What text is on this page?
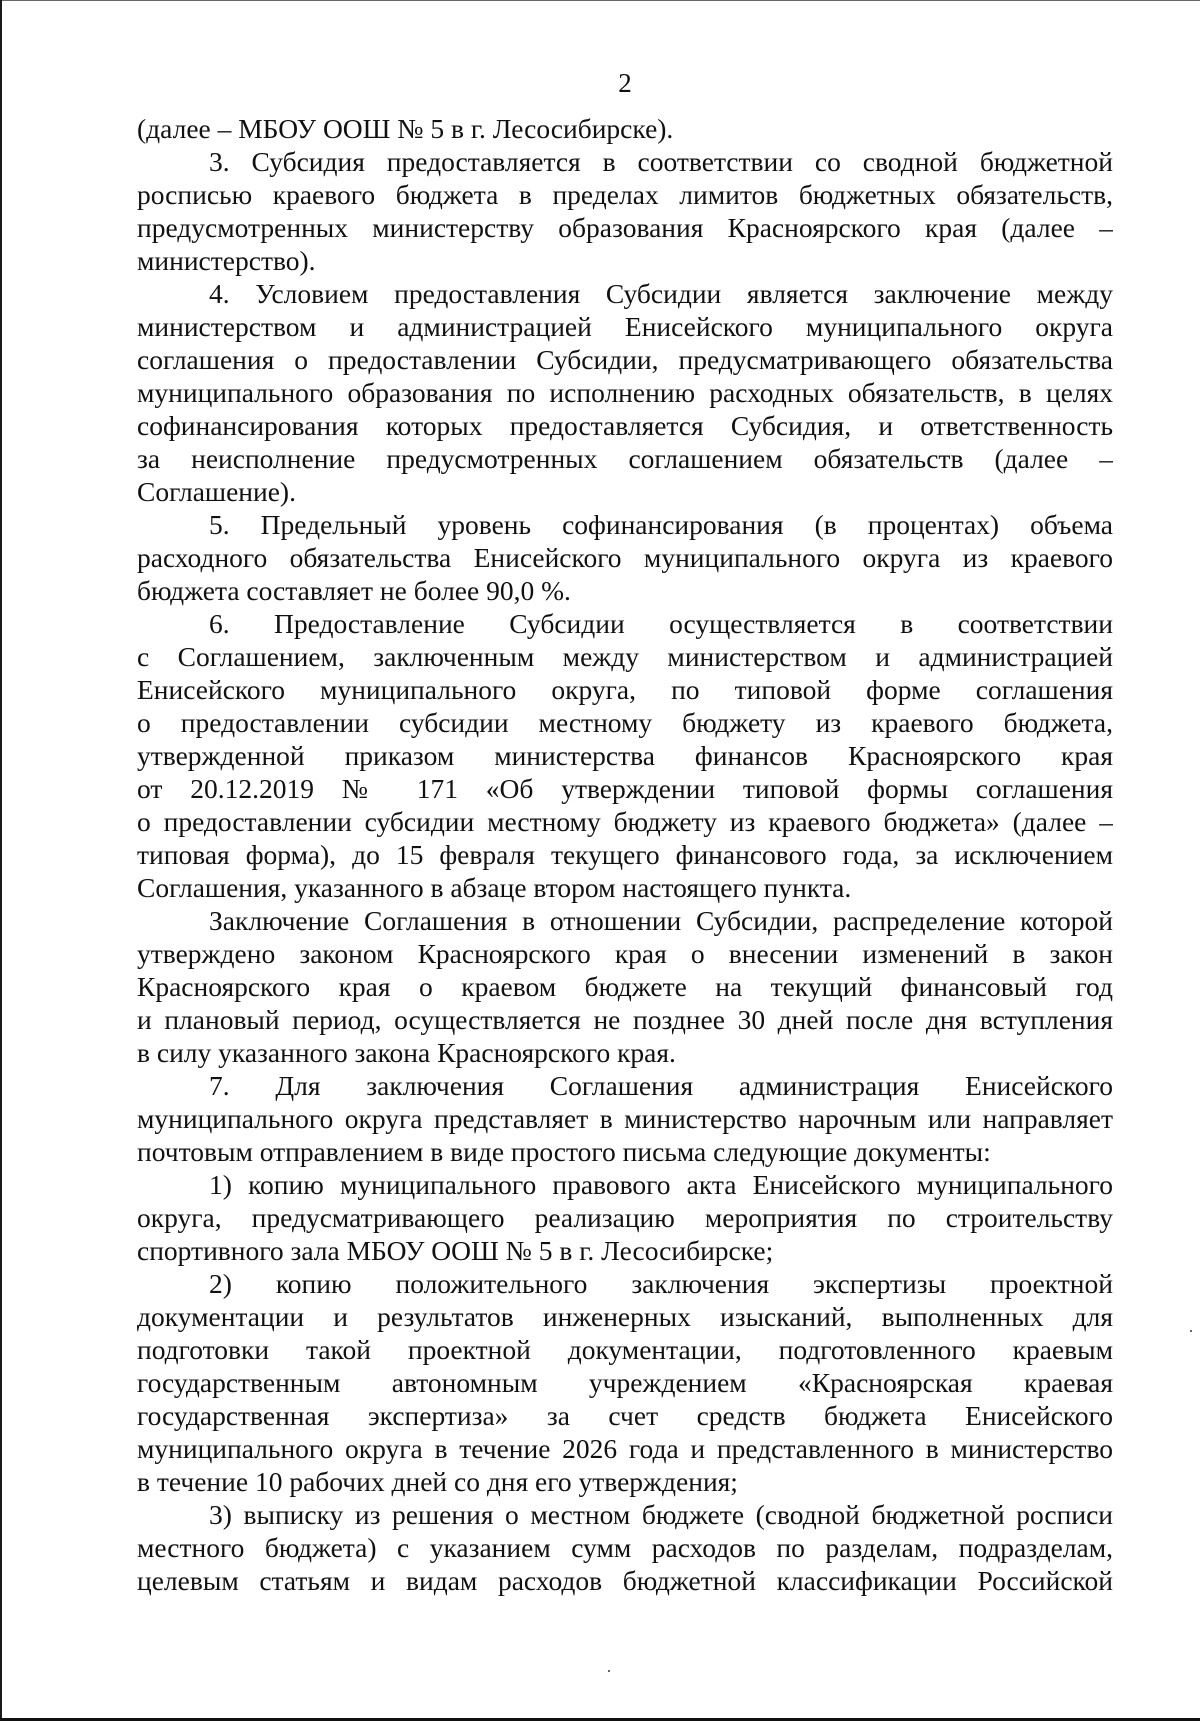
2
(далее – МБОУ ООШ № 5 в г. Лесосибирске).
3. Субсидия предоставляется в соответствии со сводной бюджетной
росписью краевого бюджета в пределах лимитов бюджетных обязательств,
предусмотренных министерству образования Красноярского края (далее –
министерство).
4. Условием предоставления Субсидии является заключение между
министерством и администрацией Енисейского муниципального округа
соглашения о предоставлении Субсидии, предусматривающего обязательства
муниципального образования по исполнению расходных обязательств, в целях
софинансирования которых предоставляется Субсидия, и ответственность
за неисполнение предусмотренных соглашением обязательств (далее –
Соглашение).
5. Предельный уровень софинансирования (в процентах) объема
расходного обязательства Енисейского муниципального округа из краевого
бюджета составляет не более 90,0 %.
6. Предоставление Субсидии осуществляется в соответствии
с Соглашением, заключенным между министерством и администрацией
Енисейского муниципального округа, по типовой форме соглашения
о предоставлении субсидии местному бюджету из краевого бюджета,
утвержденной приказом министерства финансов Красноярского края
от 20.12.2019 № 171 «Об утверждении типовой формы соглашения
о предоставлении субсидии местному бюджету из краевого бюджета» (далее –
типовая форма), до 15 февраля текущего финансового года, за исключением
Соглашения, указанного в абзаце втором настоящего пункта.
Заключение Соглашения в отношении Субсидии, распределение которой
утверждено законом Красноярского края о внесении изменений в закон
Красноярского края о краевом бюджете на текущий финансовый год
и плановый период, осуществляется не позднее 30 дней после дня вступления
в силу указанного закона Красноярского края.
7. Для заключения Соглашения администрация Енисейского
муниципального округа представляет в министерство нарочным или направляет
почтовым отправлением в виде простого письма следующие документы:
1) копию муниципального правового акта Енисейского муниципального
округа, предусматривающего реализацию мероприятия по строительству
спортивного зала МБОУ ООШ № 5 в г. Лесосибирске;
2) копию положительного заключения экспертизы проектной
документации и результатов инженерных изысканий, выполненных для
подготовки такой проектной документации, подготовленного краевым
государственным автономным учреждением «Красноярская краевая
государственная экспертиза» за счет средств бюджета Енисейского
муниципального округа в течение 2026 года и представленного в министерство
в течение 10 рабочих дней со дня его утверждения;
3) выписку из решения о местном бюджете (сводной бюджетной росписи
местного бюджета) с указанием сумм расходов по разделам, подразделам,
целевым статьям и видам расходов бюджетной классификации Российской
